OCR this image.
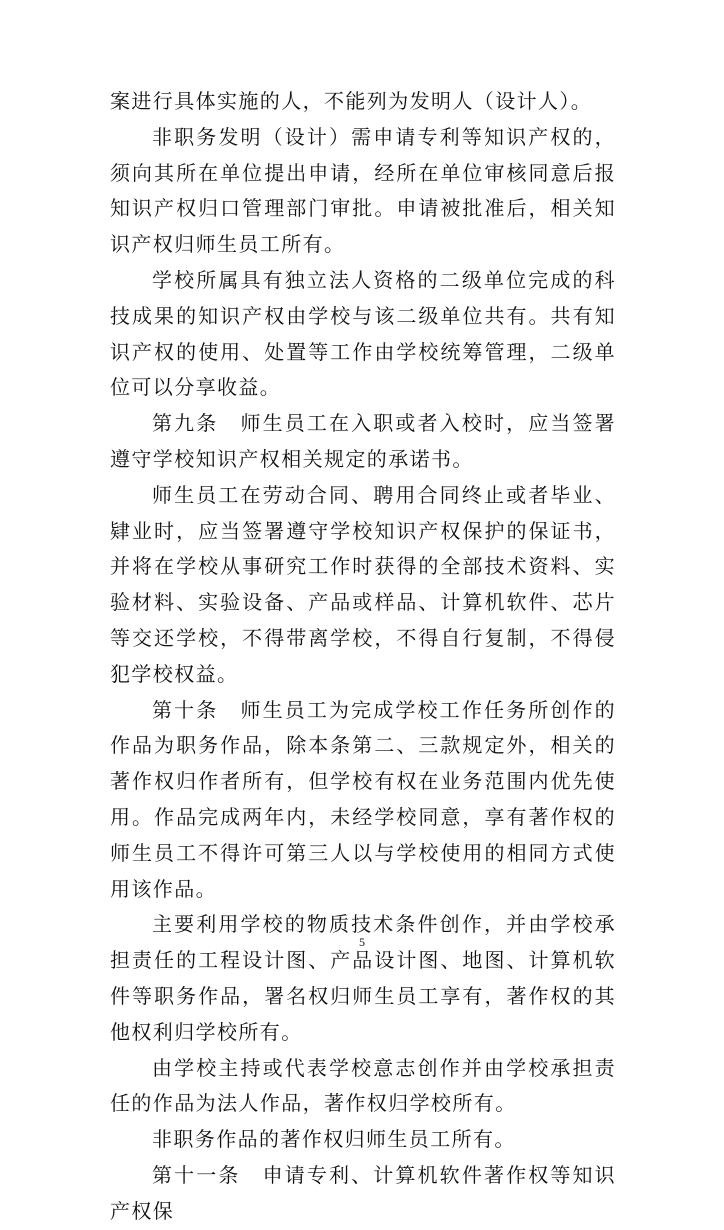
案进行具体实施的人，不能列为发明人（设计人）。

非职务发明（设计）需申请专利等知识产权的，须向其所在单位提出申请，经所在单位审核同意后报知识产权归口管理部门审批。申请被批准后，相关知识产权归师生员工所有。

学校所属具有独立法人资格的二级单位完成的科技成果的知识产权由学校与该二级单位共有。共有知识产权的使用、处置等工作由学校统筹管理，二级单位可以分享收益。

第九条　师生员工在入职或者入校时，应当签署遵守学校知识产权相关规定的承诺书。

师生员工在劳动合同、聘用合同终止或者毕业、肄业时，应当签署遵守学校知识产权保护的保证书，并将在学校从事研究工作时获得的全部技术资料、实验材料、实验设备、产品或样品、计算机软件、芯片等交还学校，不得带离学校，不得自行复制，不得侵犯学校权益。

第十条　师生员工为完成学校工作任务所创作的作品为职务作品，除本条第二、三款规定外，相关的著作权归作者所有，但学校有权在业务范围内优先使用。作品完成两年内，未经学校同意，享有著作权的师生员工不得许可第三人以与学校使用的相同方式使用该作品。

主要利用学校的物质技术条件创作，并由学校承担责任的工程设计图、产品设计图、地图、计算机软件等职务作品，署名权归师生员工享有，著作权的其他权利归学校所有。

由学校主持或代表学校意志创作并由学校承担责任的作品为法人作品，著作权归学校所有。

非职务作品的著作权归师生员工所有。

第十一条　申请专利、计算机软件著作权等知识产权保

5
